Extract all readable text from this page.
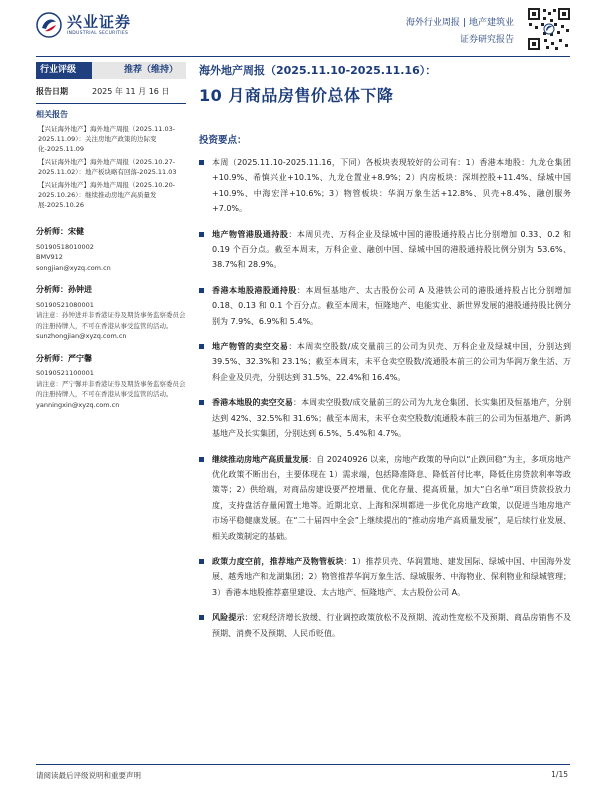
兴业证券
INDUSTRIAL SECURITIES
海外行业周报 | 地产建筑业
证券研究报告
行业评级	推荐（维持）
报告日期	2025 年 11 月 16 日
相关报告
【兴证海外地产】海外地产周报（2025.11.03-2025.11.09）：关注房地产政策的边际变化-2025.11.09
【兴证海外地产】海外地产周报（2025.10.27-2025.11.02）：地产板块略有回落-2025.11.03
【兴证海外地产】海外地产周报（2025.10.20-2025.10.26）：继续推动房地产高质量发展-2025.10.26
分析师：宋健
S0190518010002
BMV912
songjian@xyzq.com.cn
分析师：孙钟进
S0190521080001
请注意：孙钟进并非香港证券及期货事务监察委员会的注册持牌人，不可在香港从事受监管的活动。
sunzhongjian@xyzq.com.cn
分析师：严宁馨
S0190521100001
请注意：严宁馨并非香港证券及期货事务监察委员会的注册持牌人，不可在香港从事受监管的活动。
yanningxin@xyzq.com.cn
海外地产周报（2025.11.10-2025.11.16）：
10 月商品房售价总体下降
投资要点：
本周（2025.11.10-2025.11.16，下同）各板块表现较好的公司有：1）香港本地股：九龙仓集团+10.9%、希慎兴业+10.1%、九龙仓置业+8.9%；2）内房板块：深圳控股+11.4%、绿城中国+10.9%、中海宏洋+10.6%；3）物管板块：华润万象生活+12.8%、贝壳+8.4%、融创服务+7.0%。
地产物管港股通持股：本周贝壳、万科企业及绿城中国的港股通持股占比分别增加 0.33、0.2 和 0.19 个百分点。截至本周末，万科企业、融创中国、绿城中国的港股通持股比例分别为 53.6%、38.7%和 28.9%。
香港本地股港股通持股：本周恒基地产、太古股份公司 A 及港铁公司的港股通持股占比分别增加 0.18、0.13 和 0.1 个百分点。截至本周末，恒隆地产、电能实业、新世界发展的港股通持股比例分别为 7.9%、6.9%和 5.4%。
地产物管的卖空交易：本周卖空股数/成交量前三的公司为贝壳、万科企业及绿城中国，分别达到 39.5%、32.3%和 23.1%；截至本周末，未平仓卖空股数/流通股本前三的公司为华润万象生活、万科企业及贝壳，分别达到 31.5%、22.4%和 16.4%。
香港本地股的卖空交易：本周卖空股数/成交量前三的公司为九龙仓集团、长实集团及恒基地产，分别达到 42%、32.5%和 31.6%；截至本周末，未平仓卖空股数/流通股本前三的公司为恒基地产、新鸿基地产及长实集团，分别达到 6.5%、5.4%和 4.7%。
继续推动房地产高质量发展：自 20240926 以来，房地产政策的导向以“止跌回稳”为主，多项房地产优化政策不断出台，主要体现在 1）需求端，包括降准降息、降低首付比率，降低住房贷款利率等政策等；2）供给端，对商品房建设要严控增量、优化存量、提高质量，加大“白名单”项目贷款投放力度，支持盘活存量闲置土地等。近期北京、上海和深圳都进一步优化房地产政策，以促进当地房地产市场平稳健康发展。在“二十届四中全会”上继续提出的“推动房地产高质量发展”，是后续行业发展、相关政策制定的基础。
政策力度空前，推荐地产及物管板块：1）推荐贝壳、华润置地、建发国际、绿城中国、中国海外发展、越秀地产和龙湖集团；2）物管推荐华润万象生活、绿城服务、中海物业、保利物业和绿城管理；3）香港本地股推荐嘉里建设、太古地产、恒隆地产、太古股份公司 A。
风险提示：宏观经济增长放缓、行业调控政策放松不及预期、流动性宽松不及预期、商品房销售不及预期、消费不及预期、人民币贬值。
请阅读最后评级说明和重要声明	1/15
